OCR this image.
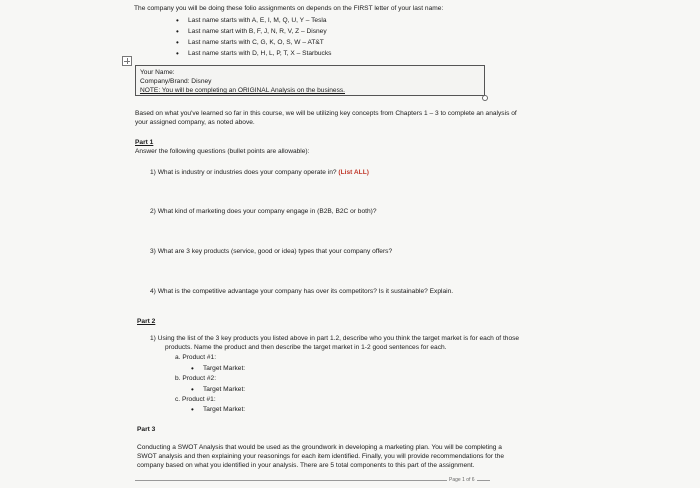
The company you will be doing these folio assignments on depends on the FIRST letter of your last name:
• Last name starts with A, E, I, M, Q, U, Y – Tesla
• Last name start with B, F, J, N, R, V, Z – Disney
• Last name starts with C, G, K, O, S, W – AT&T
• Last name starts with D, H, L, P, T, X – Starbucks
Your Name:
Company/Brand: Disney
NOTE: You will be completing an ORIGINAL Analysis on the business.
Based on what you've learned so far in this course, we will be utilizing key concepts from Chapters 1 – 3 to complete an analysis of
your assigned company, as noted above.
Part 1
Answer the following questions (bullet points are allowable):
1) What is industry or industries does your company operate in? (List ALL)
2) What kind of marketing does your company engage in (B2B, B2C or both)?
3) What are 3 key products (service, good or idea) types that your company offers?
4) What is the competitive advantage your company has over its competitors? Is it sustainable? Explain.
Part 2
1) Using the list of the 3 key products you listed above in part 1.2, describe who you think the target market is for each of those
products. Name the product and then describe the target market in 1-2 good sentences for each.
a. Product #1:
• Target Market:
b. Product #2:
• Target Market:
c. Product #1:
• Target Market:
Part 3
Conducting a SWOT Analysis that would be used as the groundwork in developing a marketing plan. You will be completing a
SWOT analysis and then explaining your reasonings for each item identified. Finally, you will provide recommendations for the
company based on what you identified in your analysis. There are 5 total components to this part of the assignment.
Page 1 of 6
